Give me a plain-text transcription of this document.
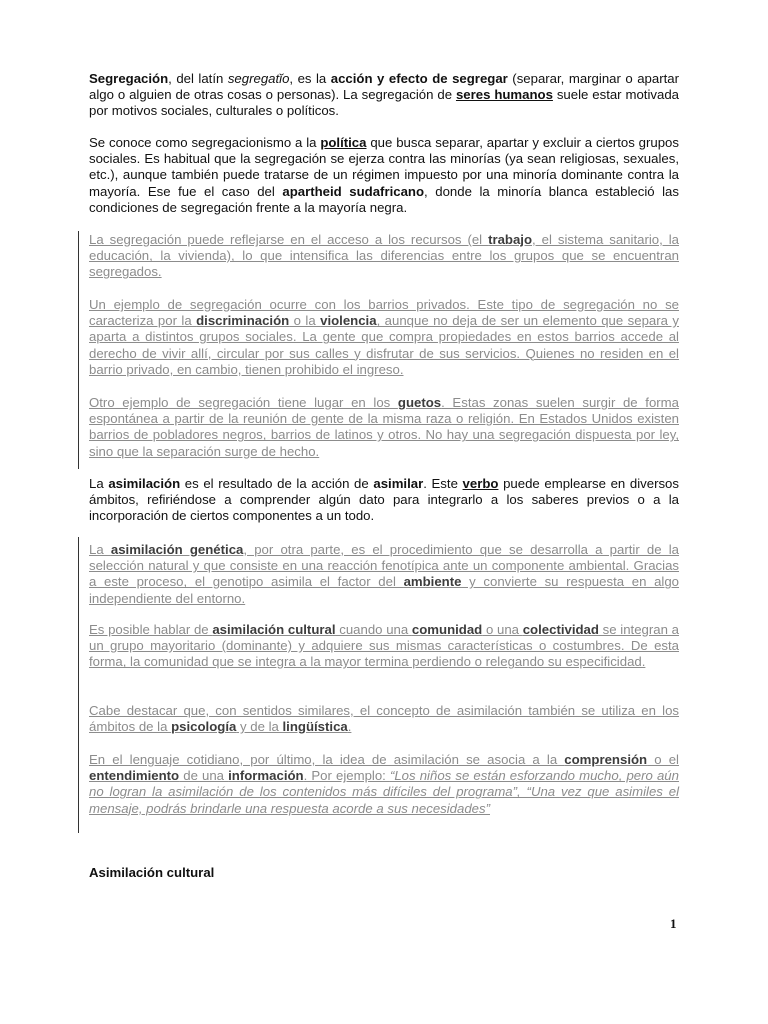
Segregación, del latín segregatĭo, es la acción y efecto de segregar (separar, marginar o apartar algo o alguien de otras cosas o personas). La segregación de seres humanos suele estar motivada por motivos sociales, culturales o políticos.

Se conoce como segregacionismo a la política que busca separar, apartar y excluir a ciertos grupos sociales. Es habitual que la segregación se ejerza contra las minorías (ya sean religiosas, sexuales, etc.), aunque también puede tratarse de un régimen impuesto por una minoría dominante contra la mayoría. Ese fue el caso del apartheid sudafricano, donde la minoría blanca estableció las condiciones de segregación frente a la mayoría negra.

La segregación puede reflejarse en el acceso a los recursos (el trabajo, el sistema sanitario, la educación, la vivienda), lo que intensifica las diferencias entre los grupos que se encuentran segregados.

Un ejemplo de segregación ocurre con los barrios privados. Este tipo de segregación no se caracteriza por la discriminación o la violencia, aunque no deja de ser un elemento que separa y aparta a distintos grupos sociales. La gente que compra propiedades en estos barrios accede al derecho de vivir allí, circular por sus calles y disfrutar de sus servicios. Quienes no residen en el barrio privado, en cambio, tienen prohibido el ingreso.

Otro ejemplo de segregación tiene lugar en los guetos. Estas zonas suelen surgir de forma espontánea a partir de la reunión de gente de la misma raza o religión. En Estados Unidos existen barrios de pobladores negros, barrios de latinos y otros. No hay una segregación dispuesta por ley, sino que la separación surge de hecho.

La asimilación es el resultado de la acción de asimilar. Este verbo puede emplearse en diversos ámbitos, refiriéndose a comprender algún dato para integrarlo a los saberes previos o a la incorporación de ciertos componentes a un todo.

La asimilación genética, por otra parte, es el procedimiento que se desarrolla a partir de la selección natural y que consiste en una reacción fenotípica ante un componente ambiental. Gracias a este proceso, el genotipo asimila el factor del ambiente y convierte su respuesta en algo independiente del entorno.

Es posible hablar de asimilación cultural cuando una comunidad o una colectividad se integran a un grupo mayoritario (dominante) y adquiere sus mismas características o costumbres. De esta forma, la comunidad que se integra a la mayor termina perdiendo o relegando su especificidad.

Cabe destacar que, con sentidos similares, el concepto de asimilación también se utiliza en los ámbitos de la psicología y de la lingüística.

En el lenguaje cotidiano, por último, la idea de asimilación se asocia a la comprensión o el entendimiento de una información. Por ejemplo: “Los niños se están esforzando mucho, pero aún no logran la asimilación de los contenidos más difíciles del programa”, “Una vez que asimiles el mensaje, podrás brindarle una respuesta acorde a sus necesidades”

Asimilación cultural
1
